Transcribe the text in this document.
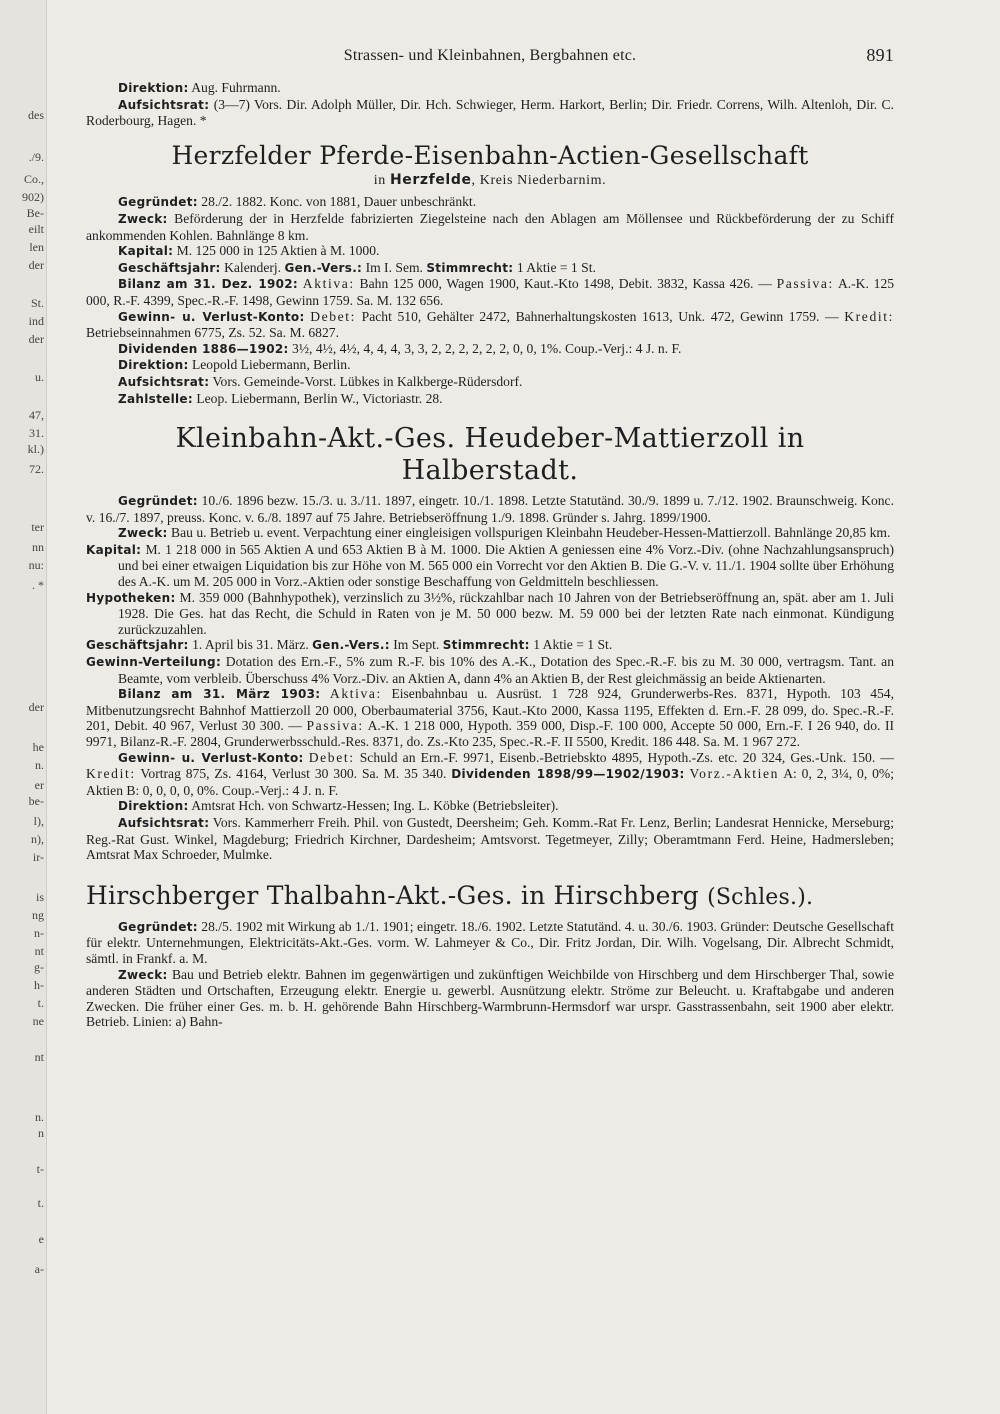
des
./9.
Co.,
902)
Be-
eilt
len
der
St.
ind
der
u.
47,
31.
kl.)
72.
ter
nn
nu:
. *
der
he
n.
er
be-
l),
n),
ir-
is
ng
n-
nt
g-
h-
t.
ne
nt
n.
n
t-
t.
e
a-
Strassen- und Kleinbahnen, Bergbahnen etc.	891

Direktion: Aug. Fuhrmann.

Aufsichtsrat: (3—7) Vors. Dir. Adolph Müller, Dir. Hch. Schwieger, Herm. Harkort, Berlin; Dir. Friedr. Correns, Wilh. Altenloh, Dir. C. Roderbourg, Hagen. *

Herzfelder Pferde-Eisenbahn-Actien-Gesellschaft
in Herzfelde, Kreis Niederbarnim.

Gegründet: 28./2. 1882. Konc. von 1881, Dauer unbeschränkt.

Zweck: Beförderung der in Herzfelde fabrizierten Ziegelsteine nach den Ablagen am Möllensee und Rückbeförderung der zu Schiff ankommenden Kohlen. Bahnlänge 8 km.

Kapital: M. 125 000 in 125 Aktien à M. 1000.

Geschäftsjahr: Kalenderj. Gen.-Vers.: Im I. Sem. Stimmrecht: 1 Aktie = 1 St.

Bilanz am 31. Dez. 1902: Aktiva: Bahn 125 000, Wagen 1900, Kaut.-Kto 1498, Debit. 3832, Kassa 426. — Passiva: A.-K. 125 000, R.-F. 4399, Spec.-R.-F. 1498, Gewinn 1759. Sa. M. 132 656.

Gewinn- u. Verlust-Konto: Debet: Pacht 510, Gehälter 2472, Bahnerhaltungskosten 1613, Unk. 472, Gewinn 1759. — Kredit: Betriebseinnahmen 6775, Zs. 52. Sa. M. 6827.

Dividenden 1886—1902: 3½, 4½, 4½, 4, 4, 4, 3, 3, 2, 2, 2, 2, 2, 2, 0, 0, 1%. Coup.-Verj.: 4 J. n. F.

Direktion: Leopold Liebermann, Berlin.

Aufsichtsrat: Vors. Gemeinde-Vorst. Lübkes in Kalkberge-Rüdersdorf.

Zahlstelle: Leop. Liebermann, Berlin W., Victoriastr. 28.

Kleinbahn-Akt.-Ges. Heudeber-Mattierzoll in Halberstadt.

Gegründet: 10./6. 1896 bezw. 15./3. u. 3./11. 1897, eingetr. 10./1. 1898. Letzte Statutänd. 30./9. 1899 u. 7./12. 1902. Braunschweig. Konc. v. 16./7. 1897, preuss. Konc. v. 6./8. 1897 auf 75 Jahre. Betriebseröffnung 1./9. 1898. Gründer s. Jahrg. 1899/1900.

Zweck: Bau u. Betrieb u. event. Verpachtung einer eingleisigen vollspurigen Kleinbahn Heudeber-Hessen-Mattierzoll. Bahnlänge 20,85 km.

Kapital: M. 1 218 000 in 565 Aktien A und 653 Aktien B à M. 1000. Die Aktien A geniessen eine 4% Vorz.-Div. (ohne Nachzahlungsanspruch) und bei einer etwaigen Liquidation bis zur Höhe von M. 565 000 ein Vorrecht vor den Aktien B. Die G.-V. v. 11./1. 1904 sollte über Erhöhung des A.-K. um M. 205 000 in Vorz.-Aktien oder sonstige Beschaffung von Geldmitteln beschliessen.

Hypotheken: M. 359 000 (Bahnhypothek), verzinslich zu 3½%, rückzahlbar nach 10 Jahren von der Betriebseröffnung an, spät. aber am 1. Juli 1928. Die Ges. hat das Recht, die Schuld in Raten von je M. 50 000 bezw. M. 59 000 bei der letzten Rate nach einmonat. Kündigung zurückzuzahlen.

Geschäftsjahr: 1. April bis 31. März. Gen.-Vers.: Im Sept. Stimmrecht: 1 Aktie = 1 St.

Gewinn-Verteilung: Dotation des Ern.-F., 5% zum R.-F. bis 10% des A.-K., Dotation des Spec.-R.-F. bis zu M. 30 000, vertragsm. Tant. an Beamte, vom verbleib. Überschuss 4% Vorz.-Div. an Aktien A, dann 4% an Aktien B, der Rest gleichmässig an beide Aktienarten.

Bilanz am 31. März 1903: Aktiva: Eisenbahnbau u. Ausrüst. 1 728 924, Grunderwerbs-Res. 8371, Hypoth. 103 454, Mitbenutzungsrecht Bahnhof Mattierzoll 20 000, Oberbaumaterial 3756, Kaut.-Kto 2000, Kassa 1195, Effekten d. Ern.-F. 28 099, do. Spec.-R.-F. 201, Debit. 40 967, Verlust 30 300. — Passiva: A.-K. 1 218 000, Hypoth. 359 000, Disp.-F. 100 000, Accepte 50 000, Ern.-F. I 26 940, do. II 9971, Bilanz-R.-F. 2804, Grunderwerbsschuld.-Res. 8371, do. Zs.-Kto 235, Spec.-R.-F. II 5500, Kredit. 186 448. Sa. M. 1 967 272.

Gewinn- u. Verlust-Konto: Debet: Schuld an Ern.-F. 9971, Eisenb.-Betriebskto 4895, Hypoth.-Zs. etc. 20 324, Ges.-Unk. 150. — Kredit: Vortrag 875, Zs. 4164, Verlust 30 300. Sa. M. 35 340. Dividenden 1898/99—1902/1903: Vorz.-Aktien A: 0, 2, 3¼, 0, 0%; Aktien B: 0, 0, 0, 0, 0%. Coup.-Verj.: 4 J. n. F.

Direktion: Amtsrat Hch. von Schwartz-Hessen; Ing. L. Köbke (Betriebsleiter).

Aufsichtsrat: Vors. Kammerherr Freih. Phil. von Gustedt, Deersheim; Geh. Komm.-Rat Fr. Lenz, Berlin; Landesrat Hennicke, Merseburg; Reg.-Rat Gust. Winkel, Magdeburg; Friedrich Kirchner, Dardesheim; Amtsvorst. Tegetmeyer, Zilly; Oberamtmann Ferd. Heine, Hadmersleben; Amtsrat Max Schroeder, Mulmke.

Hirschberger Thalbahn-Akt.-Ges. in Hirschberg (Schles.).

Gegründet: 28./5. 1902 mit Wirkung ab 1./1. 1901; eingetr. 18./6. 1902. Letzte Statutänd. 4. u. 30./6. 1903. Gründer: Deutsche Gesellschaft für elektr. Unternehmungen, Elektricitäts-Akt.-Ges. vorm. W. Lahmeyer & Co., Dir. Fritz Jordan, Dir. Wilh. Vogelsang, Dir. Albrecht Schmidt, sämtl. in Frankf. a. M.

Zweck: Bau und Betrieb elektr. Bahnen im gegenwärtigen und zukünftigen Weichbilde von Hirschberg und dem Hirschberger Thal, sowie anderen Städten und Ortschaften, Erzeugung elektr. Energie u. gewerbl. Ausnützung elektr. Ströme zur Beleucht. u. Kraftabgabe und anderen Zwecken. Die früher einer Ges. m. b. H. gehörende Bahn Hirschberg-Warmbrunn-Hermsdorf war urspr. Gasstrassenbahn, seit 1900 aber elektr. Betrieb. Linien: a) Bahn-
